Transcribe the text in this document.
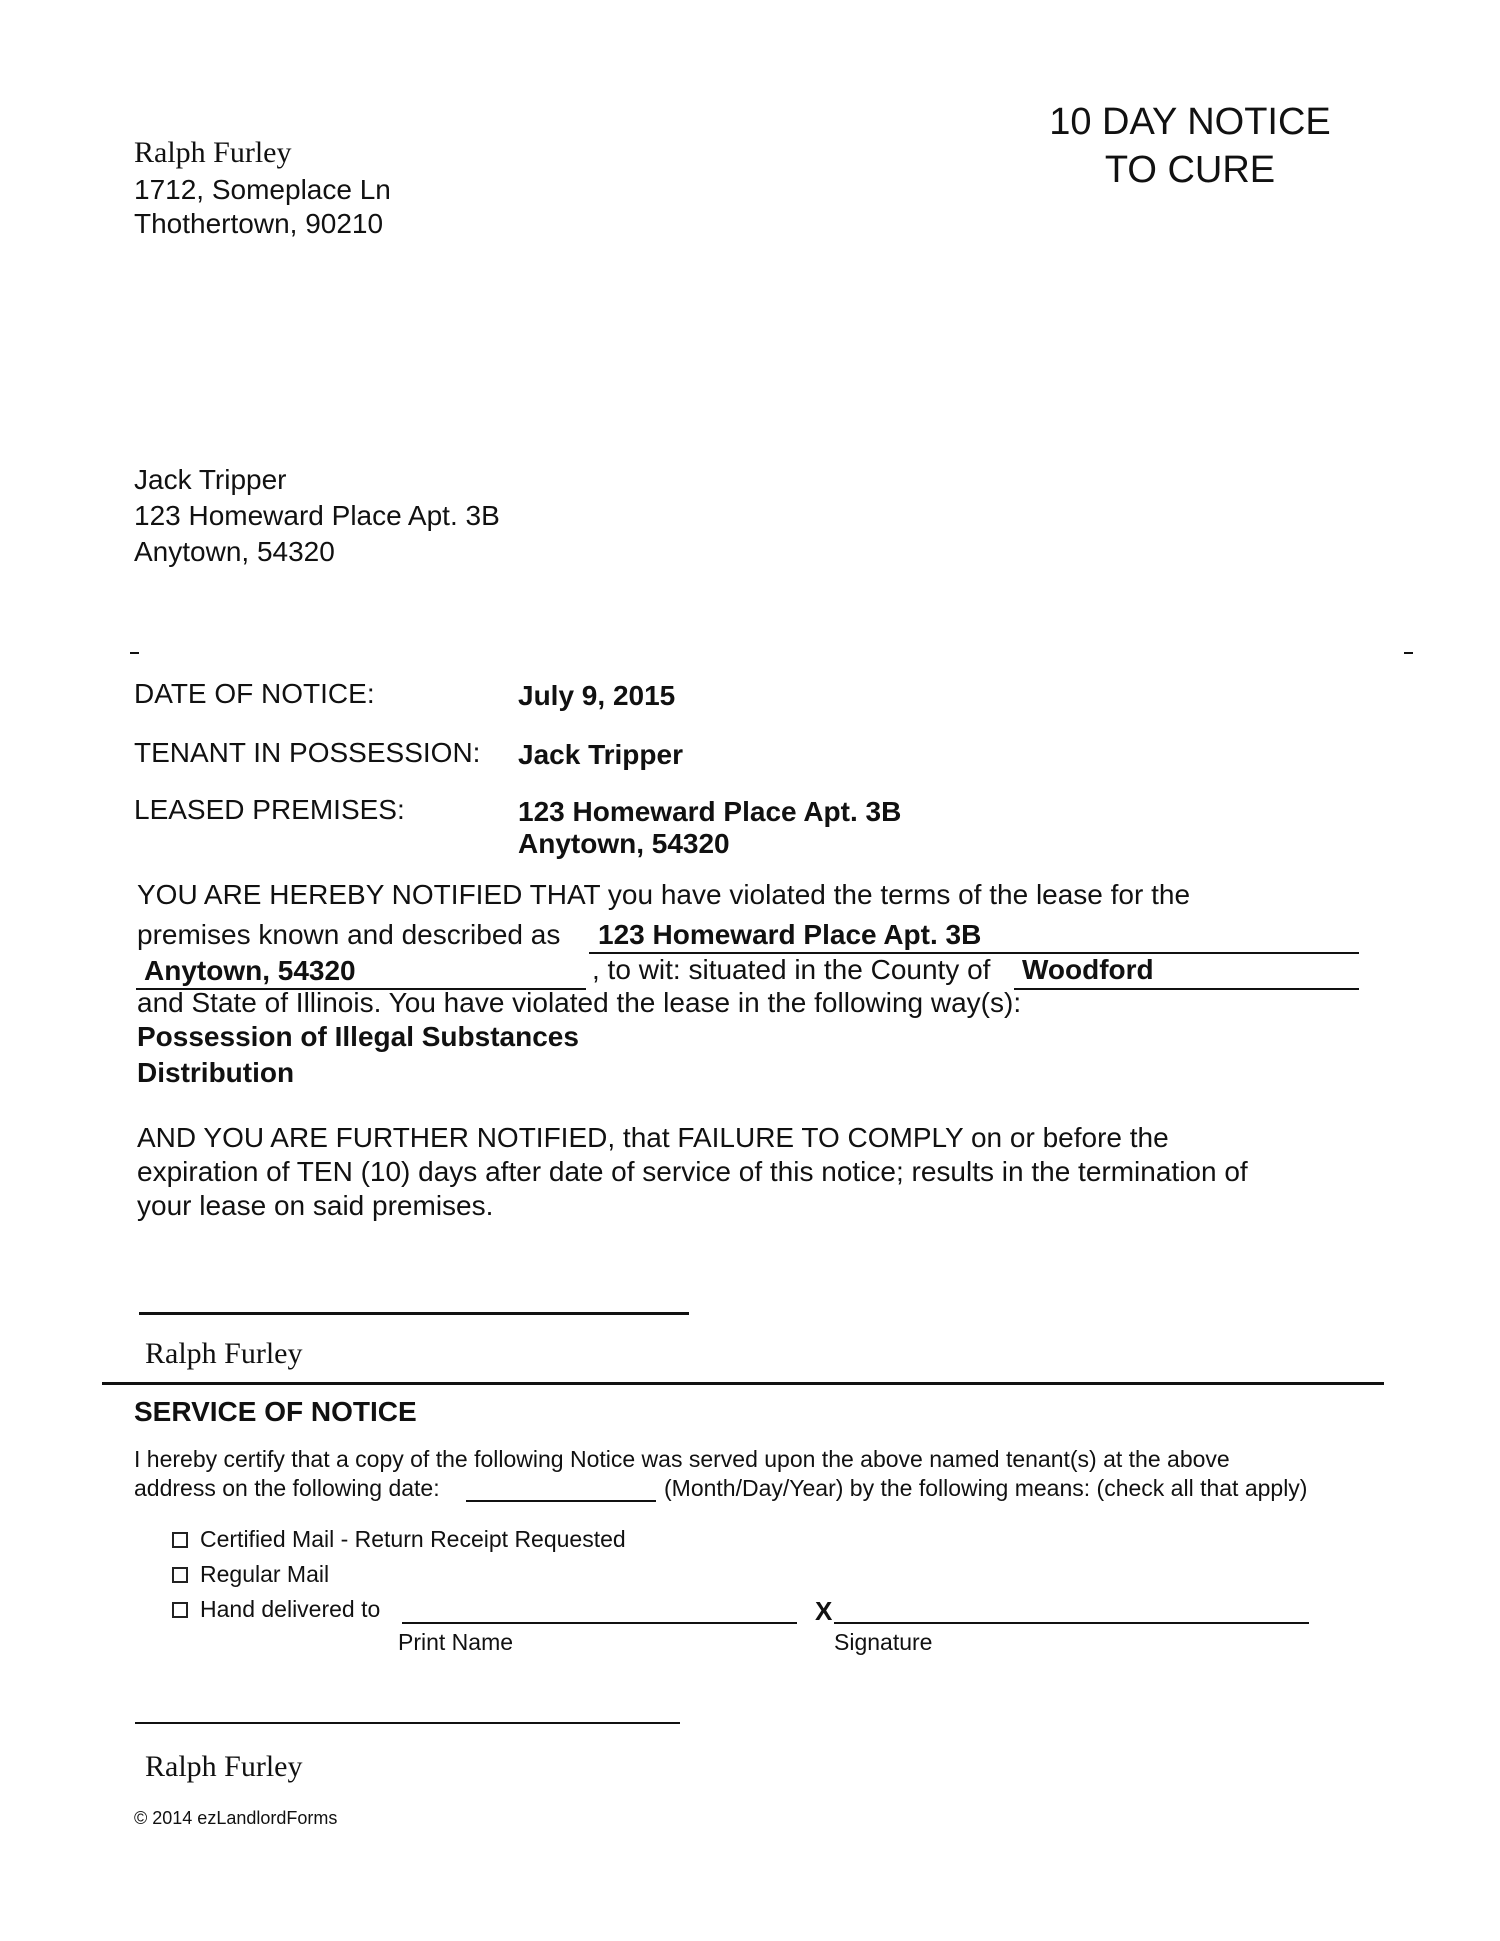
10 DAY NOTICE
TO CURE
Ralph Furley
1712, Someplace Ln
Thothertown, 90210
Jack Tripper
123 Homeward Place Apt. 3B
Anytown, 54320
DATE OF NOTICE:	July 9, 2015
TENANT IN POSSESSION: Jack Tripper
LEASED PREMISES:	123 Homeward Place Apt. 3B
Anytown, 54320
YOU ARE HEREBY NOTIFIED THAT you have violated the terms of the lease for the
premises known and described as 123 Homeward Place Apt. 3B
Anytown, 54320	, to wit: situated in the County of Woodford
and State of Illinois. You have violated the lease in the following way(s):
Possession of Illegal Substances
Distribution
AND YOU ARE FURTHER NOTIFIED, that FAILURE TO COMPLY on or before the
expiration of TEN (10) days after date of service of this notice; results in the termination of
your lease on said premises.
Ralph Furley
SERVICE OF NOTICE
I hereby certify that a copy of the following Notice was served upon the above named tenant(s) at the above
address on the following date:	(Month/Day/Year) by the following means: (check all that apply)
Certified Mail - Return Receipt Requested
Regular Mail
Hand delivered to	X
Print Name	Signature
Ralph Furley
© 2014 ezLandlordForms
